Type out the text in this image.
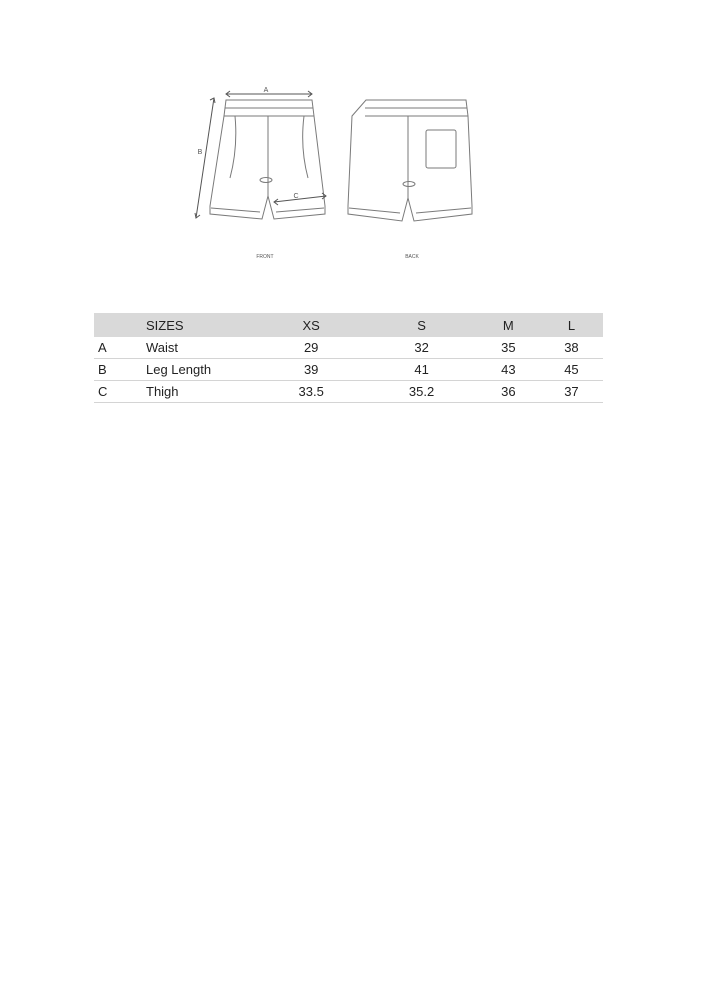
A
B
C
FRONT	BACK
	SIZES	XS	S	M	L
A	Waist	29	32	35	38
B	Leg Length	39	41	43	45
C	Thigh	33.5	35.2	36	37
